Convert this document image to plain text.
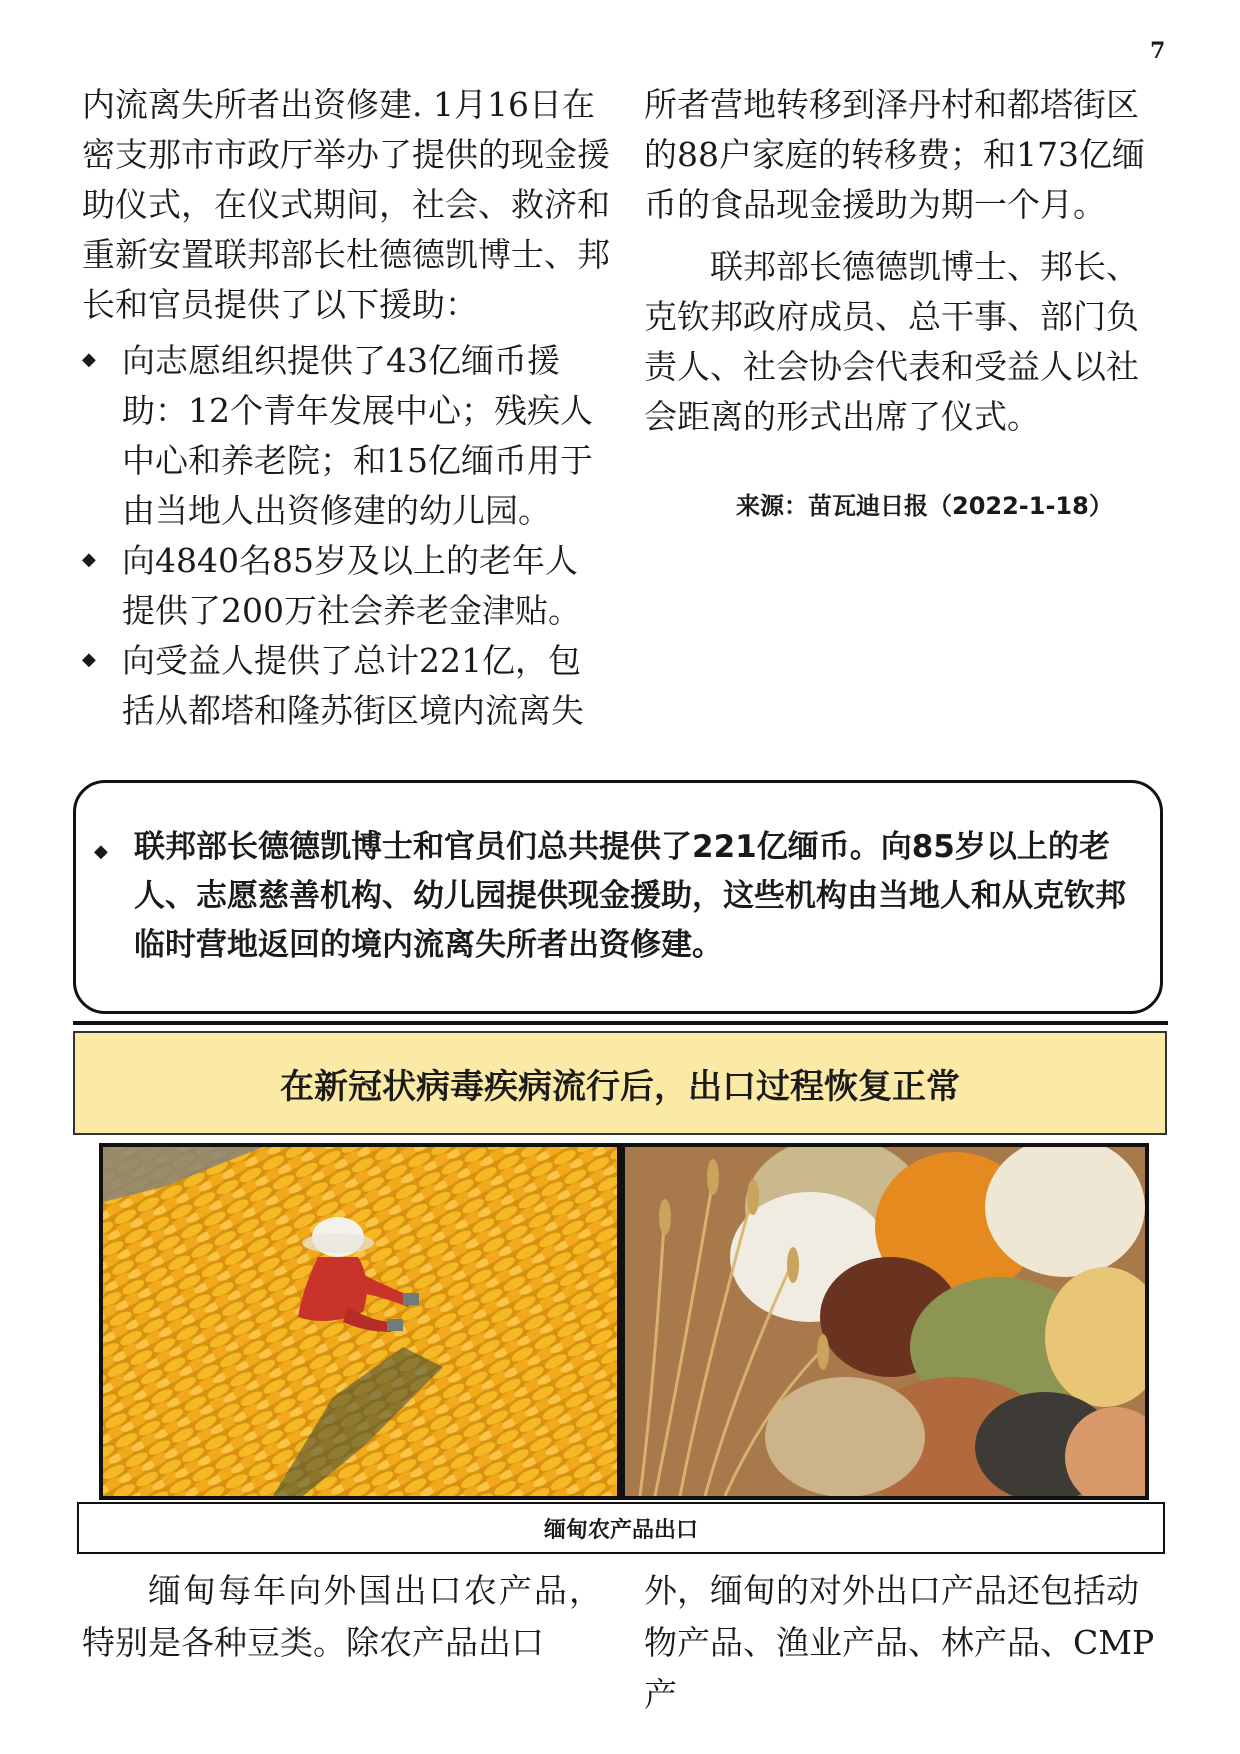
7

内流离失所者出资修建. 1月16日在密支那市市政厅举办了提供的现金援助仪式，在仪式期间，社会、救济和重新安置联邦部长杜德德凯博士、邦长和官员提供了以下援助：

◆ 向志愿组织提供了43亿缅币援助：12个青年发展中心；残疾人中心和养老院；和15亿缅币用于由当地人出资修建的幼儿园。
◆ 向4840名85岁及以上的老年人提供了200万社会养老金津贴。
◆ 向受益人提供了总计221亿，包括从都塔和隆苏街区境内流离失

所者营地转移到泽丹村和都塔街区的88户家庭的转移费；和173亿缅币的食品现金援助为期一个月。

联邦部长德德凯博士、邦长、克钦邦政府成员、总干事、部门负责人、社会协会代表和受益人以社会距离的形式出席了仪式。

来源：苗瓦迪日报（2022-1-18）
◆ 联邦部长德德凯博士和官员们总共提供了221亿缅币。向85岁以上的老人、志愿慈善机构、幼儿园提供现金援助，这些机构由当地人和从克钦邦临时营地返回的境内流离失所者出资修建。
在新冠状病毒疾病流行后，出口过程恢复正常
缅甸农产品出口

缅甸每年向外国出口农产品，特别是各种豆类。除农产品出口

外，缅甸的对外出口产品还包括动物产品、渔业产品、林产品、CMP产
